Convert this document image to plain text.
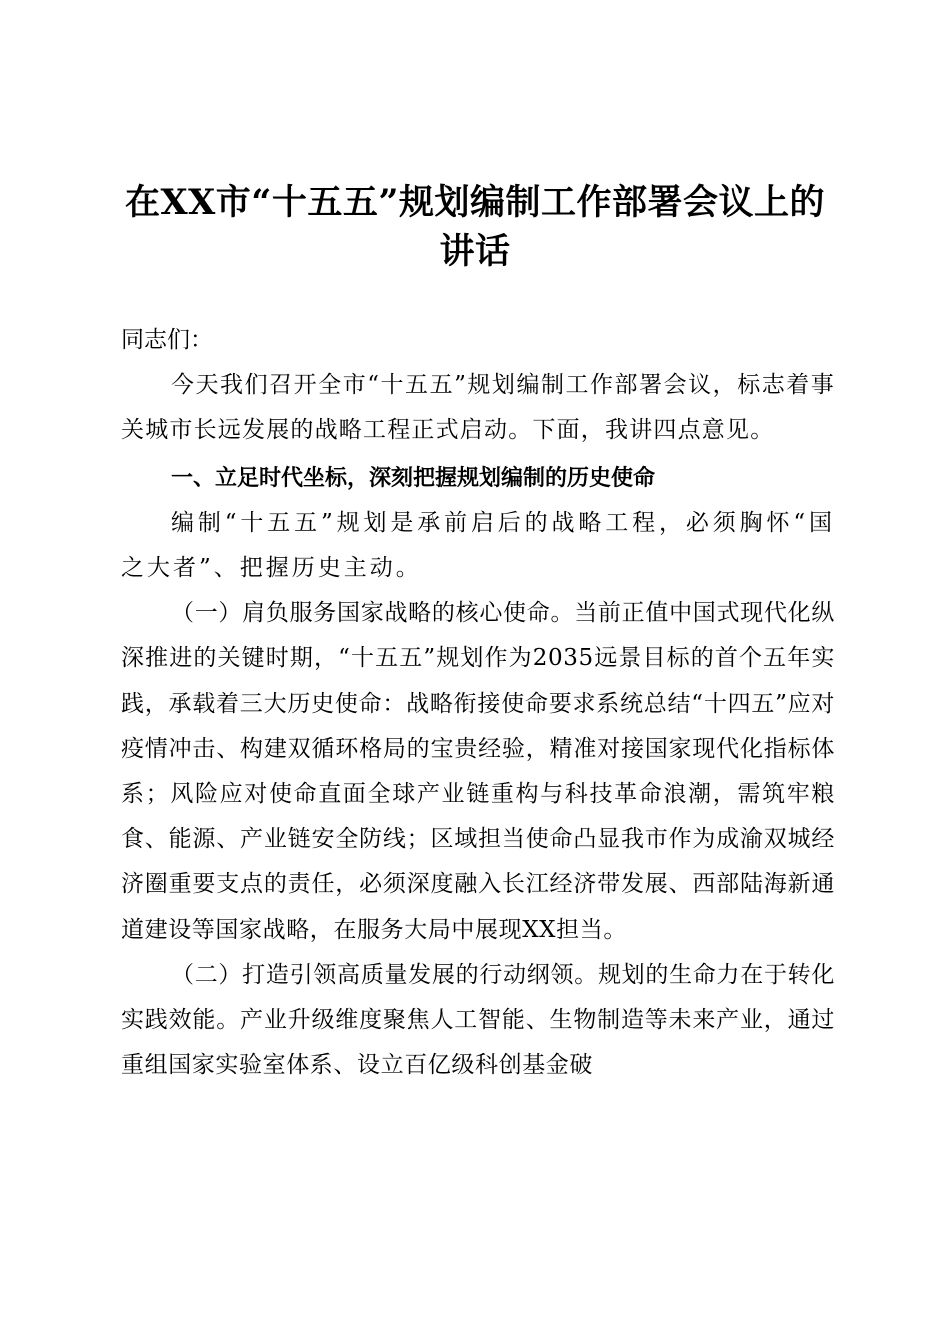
在XX市“十五五”规划编制工作部署会议上的讲话

同志们：

今天我们召开全市“十五五”规划编制工作部署会议，标志着事关城市长远发展的战略工程正式启动。下面，我讲四点意见。

一、立足时代坐标，深刻把握规划编制的历史使命

编制“十五五”规划是承前启后的战略工程，必须胸怀“国之大者”、把握历史主动。

（一）肩负服务国家战略的核心使命。当前正值中国式现代化纵深推进的关键时期，“十五五”规划作为2035远景目标的首个五年实践，承载着三大历史使命：战略衔接使命要求系统总结“十四五”应对疫情冲击、构建双循环格局的宝贵经验，精准对接国家现代化指标体系；风险应对使命直面全球产业链重构与科技革命浪潮，需筑牢粮食、能源、产业链安全防线；区域担当使命凸显我市作为成渝双城经济圈重要支点的责任，必须深度融入长江经济带发展、西部陆海新通道建设等国家战略，在服务大局中展现XX担当。

（二）打造引领高质量发展的行动纲领。规划的生命力在于转化实践效能。产业升级维度聚焦人工智能、生物制造等未来产业，通过重组国家实验室体系、设立百亿级科创基金破
